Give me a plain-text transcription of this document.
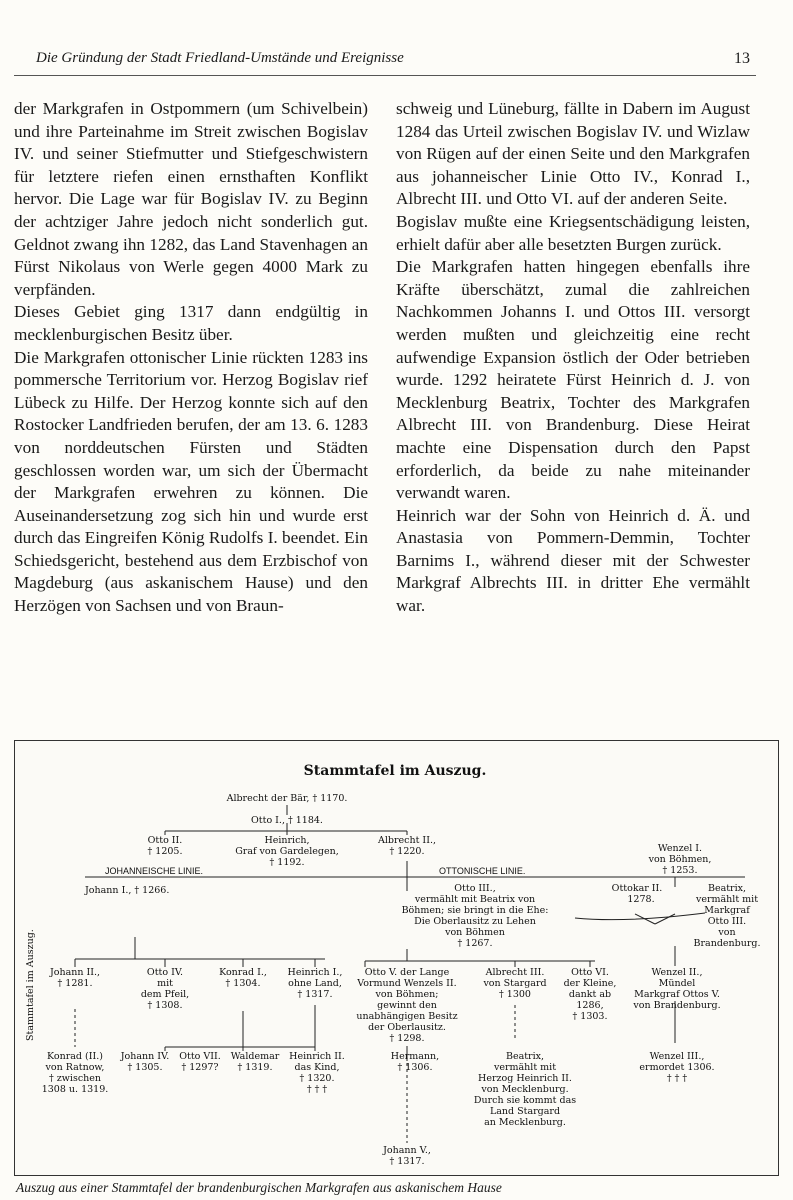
Die Gründung der Stadt Friedland-Umstände und Ereignisse	13

der Markgrafen in Ostpommern (um Schivelbein) und ihre Parteinahme im Streit zwischen Bogislav IV. und seiner Stiefmutter und Stiefgeschwistern für letztere riefen einen ernsthaften Konflikt hervor. Die Lage war für Bogislav IV. zu Beginn der achtziger Jahre jedoch nicht sonderlich gut. Geldnot zwang ihn 1282, das Land Stavenhagen an Fürst Nikolaus von Werle gegen 4000 Mark zu verpfänden.

Dieses Gebiet ging 1317 dann endgültig in mecklenburgischen Besitz über.

Die Markgrafen ottonischer Linie rückten 1283 ins pommersche Territorium vor. Herzog Bogislav rief Lübeck zu Hilfe. Der Herzog konnte sich auf den Rostocker Landfrieden berufen, der am 13. 6. 1283 von norddeutschen Fürsten und Städten geschlossen worden war, um sich der Übermacht der Markgrafen erwehren zu können. Die Auseinandersetzung zog sich hin und wurde erst durch das Eingreifen König Rudolfs I. beendet. Ein Schiedsgericht, bestehend aus dem Erzbischof von Magdeburg (aus askanischem Hause) und den Herzögen von Sachsen und von Braun-

schweig und Lüneburg, fällte in Dabern im August 1284 das Urteil zwischen Bogislav IV. und Wizlaw von Rügen auf der einen Seite und den Markgrafen aus johanneischer Linie Otto IV., Konrad I., Albrecht III. und Otto VI. auf der anderen Seite.

Bogislav mußte eine Kriegsentschädigung leisten, erhielt dafür aber alle besetzten Burgen zurück.

Die Markgrafen hatten hingegen ebenfalls ihre Kräfte überschätzt, zumal die zahlreichen Nachkommen Johanns I. und Ottos III. versorgt werden mußten und gleichzeitig eine recht aufwendige Expansion östlich der Oder betrieben wurde. 1292 heiratete Fürst Heinrich d. J. von Mecklenburg Beatrix, Tochter des Markgrafen Albrecht III. von Brandenburg. Diese Heirat machte eine Dispensation durch den Papst erforderlich, da beide zu nahe miteinander verwandt waren.

Heinrich war der Sohn von Heinrich d. Ä. und Anastasia von Pommern-Demmin, Tochter Barnims I., während dieser mit der Schwester Markgraf Albrechts III. in dritter Ehe vermählt war.

Stammtafel im Auszug.
Stammtafel im Auszug.
Albrecht der Bär, † 1170.
Otto I., † 1184.
Otto II.
† 1205.
Heinrich,
Graf von Gardelegen,
† 1192.
Albrecht II.,
† 1220.
JOHANNEISCHE LINIE.	OTTONISCHE LINIE.
Wenzel I.
von Böhmen,
† 1253.
Johann I., † 1266.	Otto III.,
vermählt mit Beatrix von
Böhmen; sie bringt in die Ehe:
Die Oberlausitz zu Lehen
von Böhmen
† 1267.
Ottokar II.
1278.
Beatrix,
vermählt mit
Markgraf
Otto III.
von
Brandenburg.
Johann II.,
† 1281.
Otto IV.
mit
dem Pfeil,
† 1308.
Konrad I.,
† 1304.
Heinrich I.,
ohne Land,
† 1317.
Otto V. der Lange
Vormund Wenzels II.
von Böhmen;
gewinnt den
unabhängigen Besitz
der Oberlausitz.
† 1298.
Albrecht III.
von Stargard
† 1300
Otto VI.
der Kleine,
dankt ab
1286,
† 1303.
Wenzel II.,
Mündel
Markgraf Ottos V.
von Brandenburg.
Konrad (II.)
von Ratnow,
† zwischen
1308 u. 1319.
Johann IV.
† 1305.
Otto VII.
† 1297?
Waldemar
† 1319.
Heinrich II.
das Kind,
† 1320.
† † †
Hermann,
† 1306.
Beatrix,
vermählt mit
Herzog Heinrich II.
von Mecklenburg.
Durch sie kommt das
Land Stargard
an Mecklenburg.
Wenzel III.,
ermordet 1306.
† † †
Johann V.,
† 1317.
Auszug aus einer Stammtafel der brandenburgischen Markgrafen aus askanischem Hause
